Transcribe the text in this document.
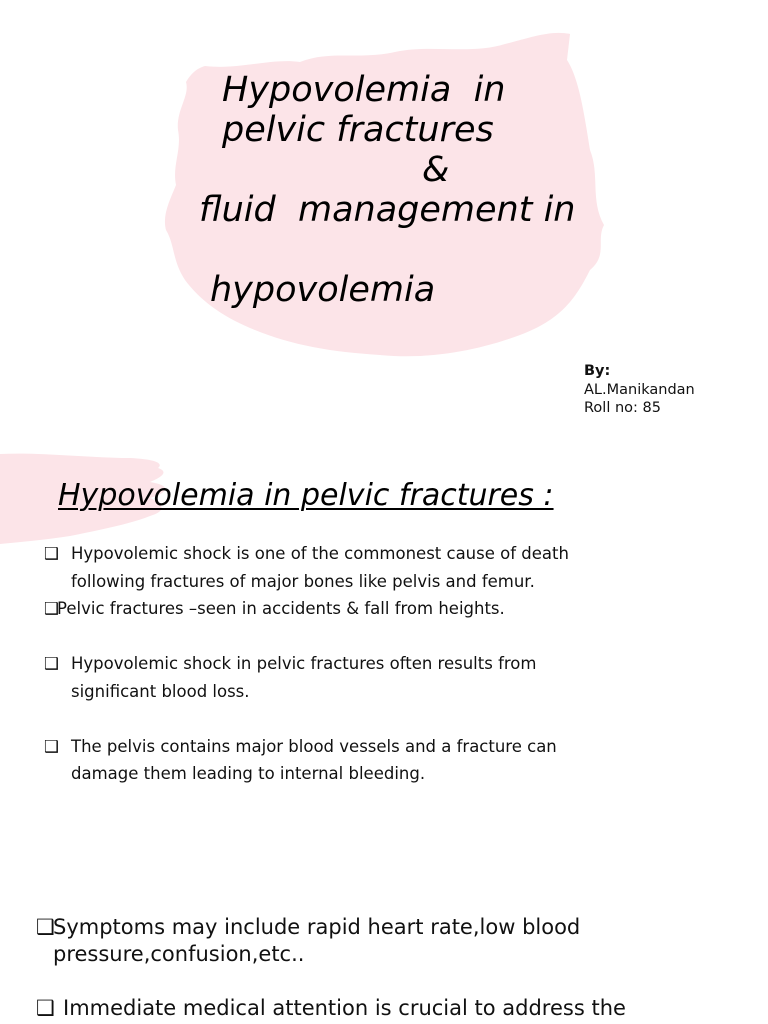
Hypovolemia  in
pelvic fractures
&
fluid  management in
hypovolemia
By:
AL.Manikandan
Roll no: 85
Hypovolemia in pelvic fractures :
❑ Hypovolemic shock is one of the commonest cause of death following fractures of major bones like pelvis and femur.
❑
Pelvic fractures –seen in accidents & fall from heights.
❑ Hypovolemic shock in pelvic fractures often results from significant blood loss.
❑ The pelvis contains major blood vessels and a fracture can damage them leading to internal bleeding.
❑
Symptoms may include rapid heart rate,low blood pressure,confusion,etc..
❑ Immediate medical attention is crucial to address the
